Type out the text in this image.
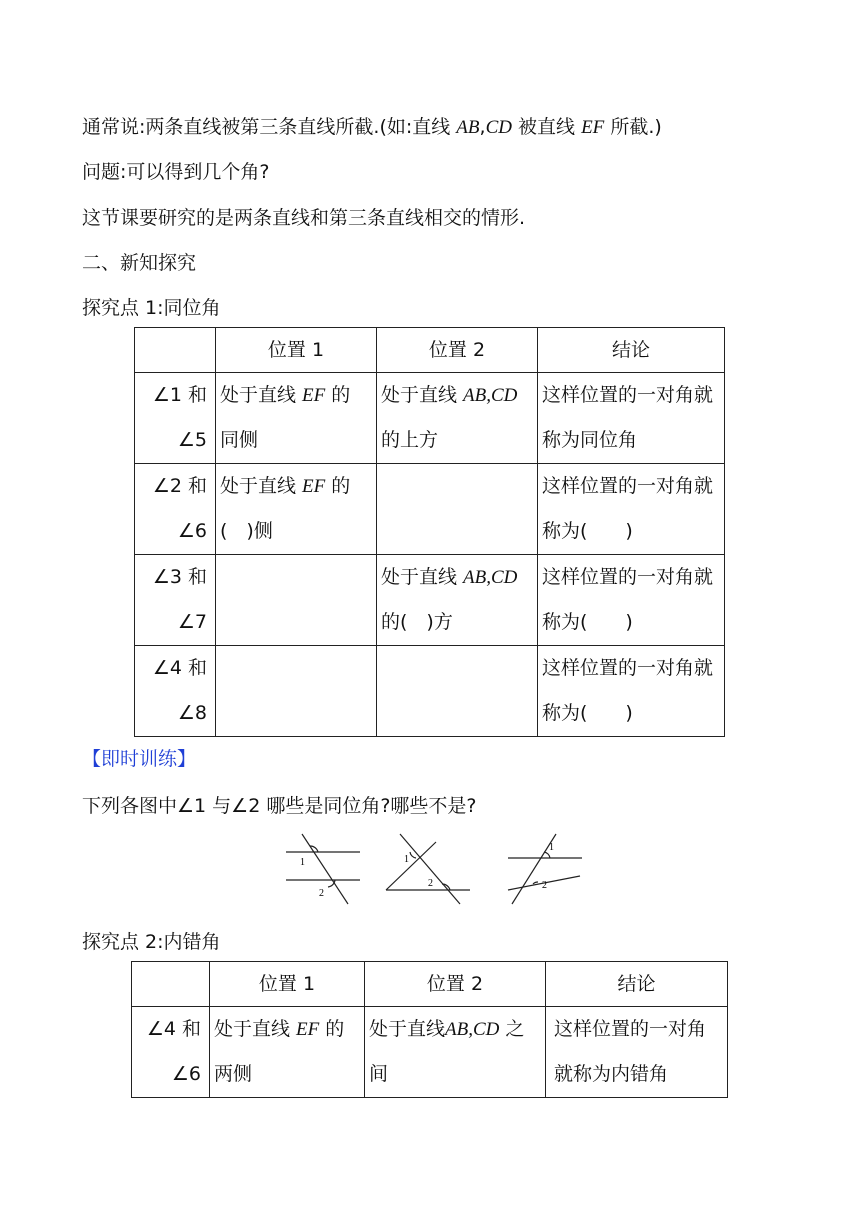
通常说:两条直线被第三条直线所截.(如:直线 AB,CD 被直线 EF 所截.)
问题:可以得到几个角?
这节课要研究的是两条直线和第三条直线相交的情形.
二、新知探究
探究点 1:同位角
	位置 1	位置 2	结论

∠1 和
∠5	处于直线 EF 的
同侧	处于直线 AB,CD
的上方	这样位置的一对角就
称为同位角

∠2 和
∠6	处于直线 EF 的
(　)侧		这样位置的一对角就
称为(　　)

∠3 和
∠7		处于直线 AB,CD
的(　)方	这样位置的一对角就
称为(　　)

∠4 和
∠8			这样位置的一对角就
称为(　　)
【即时训练】
下列各图中∠1 与∠2 哪些是同位角?哪些不是?
1
2
1
2
1
2
探究点 2:内错角
	位置 1	位置 2	结论

∠4 和
∠6	处于直线 EF 的
两侧	处于直线AB,CD 之
间	这样位置的一对角
就称为内错角
